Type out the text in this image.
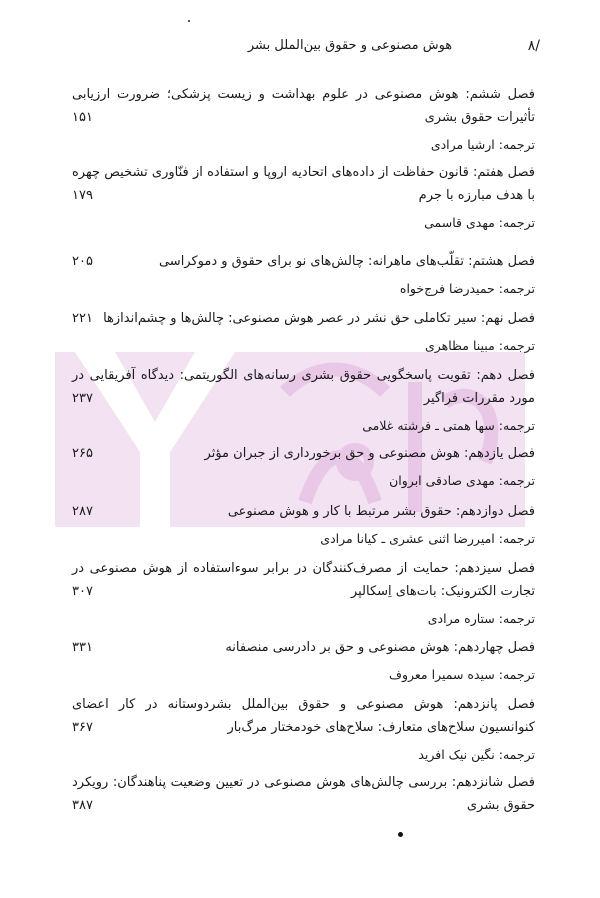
/۸
هوش مصنوعی و حقوق بین‌الملل بشر
فصل ششم: هوش مصنوعی در علوم بهداشت و زیست پزشکی؛ ضرورت ارزیابی تأثیرات حقوق بشری
۱۵۱
ترجمه: ارشیا مرادی
فصل هفتم: قانون حفاظت از داده‌های اتحادیه اروپا و استفاده از فنّاوری تشخیص چهره با هدف مبارزه با جرم
۱۷۹
ترجمه: مهدی قاسمی
فصل هشتم: تقلّب‌های ماهرانه: چالش‌های نو برای حقوق و دموکراسی
۲۰۵
ترجمه: حمیدرضا فرج‌خواه
فصل نهم: سیر تکاملی حق نشر در عصر هوش مصنوعی: چالش‌ها و چشم‌اندازها
۲۲۱
ترجمه: مبینا مظاهری
فصل دهم: تقویت پاسخگویی حقوق بشری رسانه‌های الگوریتمی: دیدگاه آفریقایی در مورد مقررات فراگیر
۲۳۷
ترجمه: سها همتی ـ فرشته غلامی
فصل یازدهم: هوش مصنوعی و حق برخورداری از جبران مؤثر
۲۶۵
ترجمه: مهدی صادقی ابروان
فصل دوازدهم: حقوق بشر مرتبط با کار و هوش مصنوعی
۲۸۷
ترجمه: امیررضا اثنی عشری ـ کیانا مرادی
فصل سیزدهم: حمایت از مصرف‌کنندگان در برابر سوءاستفاده از هوش مصنوعی در تجارت الکترونیک: بات‌های اِسکالپر
۳۰۷
ترجمه: ستاره مرادی
فصل چهاردهم: هوش مصنوعی و حق بر دادرسی منصفانه
۳۳۱
ترجمه: سیده سمیرا معروف
فصل پانزدهم: هوش مصنوعی و حقوق بین‌الملل بشردوستانه در کار اعضای کنوانسیون سلاح‌های متعارف: سلاح‌های خودمختار مرگ‌بار
۳۶۷
ترجمه: نگین نیک افرید
فصل شانزدهم: بررسی چالش‌های هوش مصنوعی در تعیین وضعیت پناهندگان: رویکرد حقوق بشری
۳۸۷
